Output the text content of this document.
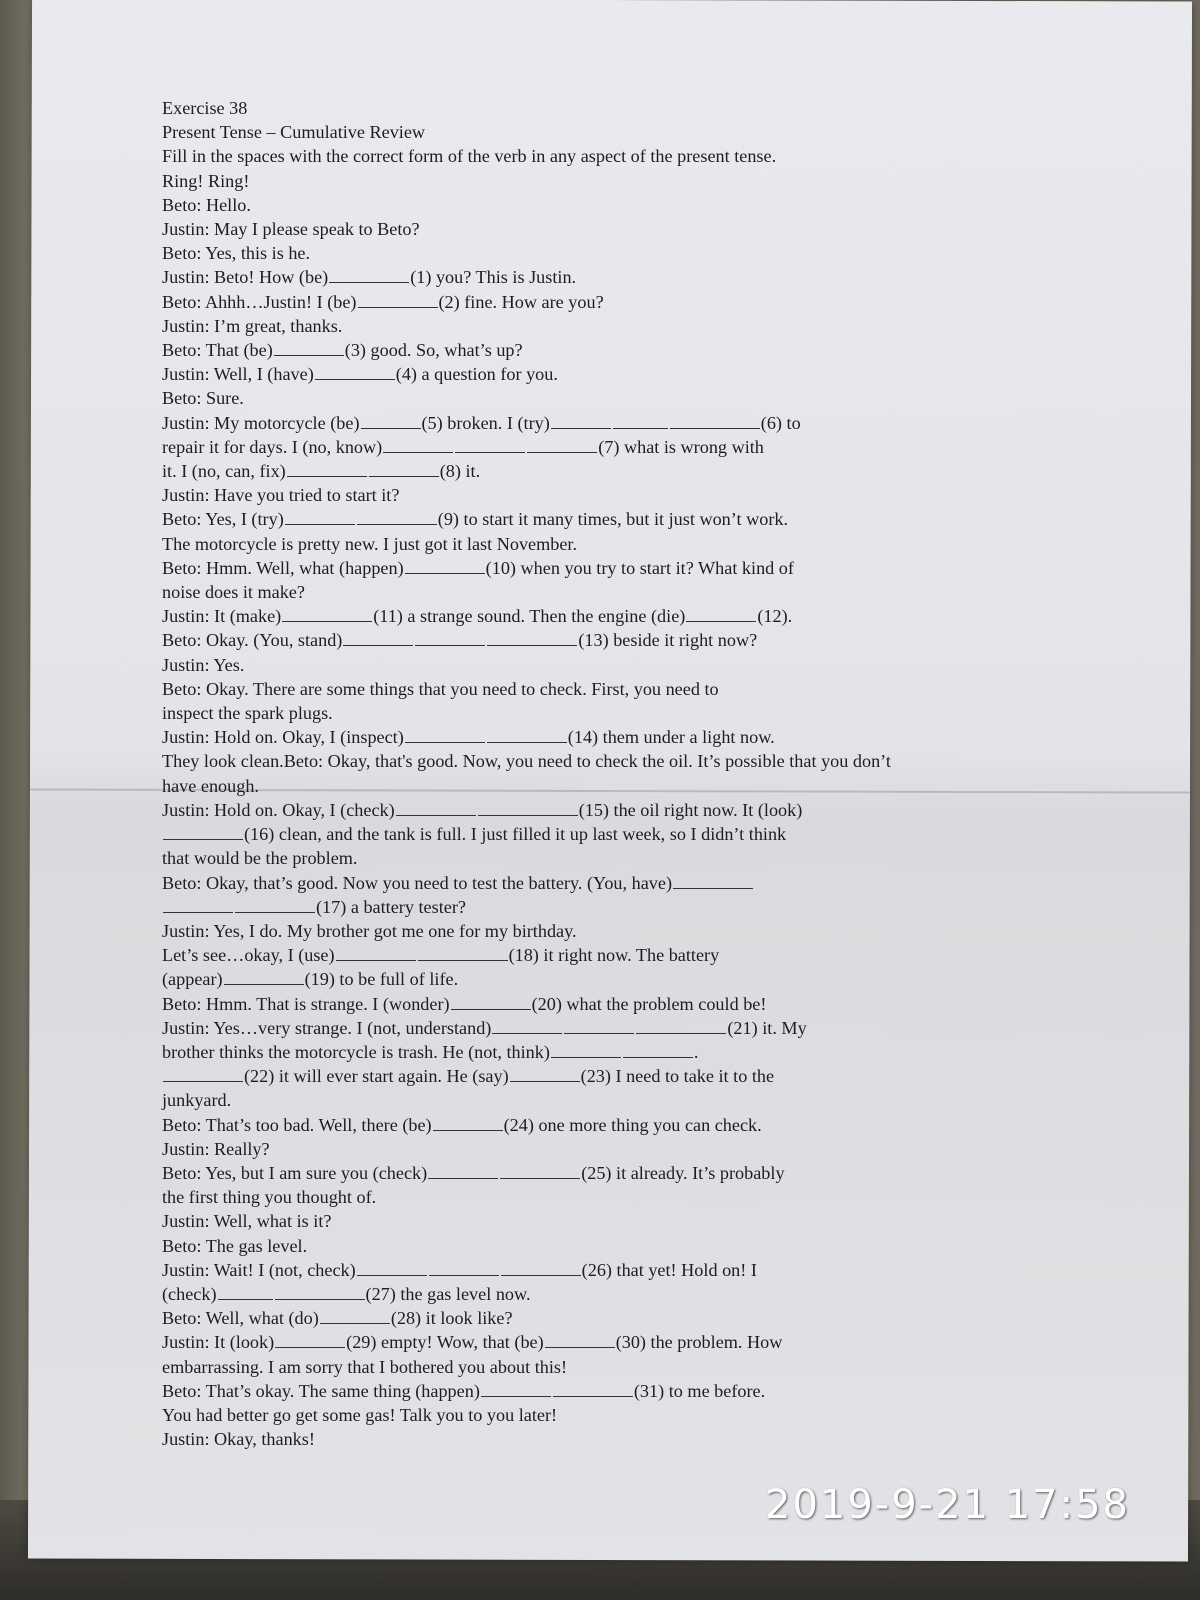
Exercise 38
Present Tense – Cumulative Review
Fill in the spaces with the correct form of the verb in any aspect of the present tense.
Ring! Ring!
Beto: Hello.
Justin: May I please speak to Beto?
Beto: Yes, this is he.
Justin: Beto! How (be)	(1) you? This is Justin.
Beto: Ahhh…Justin! I (be)	(2) fine. How are you?
Justin: I’m great, thanks.
Beto: That (be)	(3) good. So, what’s up?
Justin: Well, I (have)	(4) a question for you.
Beto: Sure.
Justin: My motorcycle (be)	(5) broken. I (try)	(6) to
repair it for days. I (no, know)	(7) what is wrong with
it. I (no, can, fix)	(8) it.
Justin: Have you tried to start it?
Beto: Yes, I (try)	(9) to start it many times, but it just won’t work.
The motorcycle is pretty new. I just got it last November.
Beto: Hmm. Well, what (happen)	(10) when you try to start it? What kind of
noise does it make?
Justin: It (make)	(11) a strange sound. Then the engine (die)	(12).
Beto: Okay. (You, stand)	(13) beside it right now?
Justin: Yes.
Beto: Okay. There are some things that you need to check. First, you need to
inspect the spark plugs.
Justin: Hold on. Okay, I (inspect)	(14) them under a light now.
They look clean.Beto: Okay, that's good. Now, you need to check the oil. It’s possible that you don’t
have enough.
Justin: Hold on. Okay, I (check)	(15) the oil right now. It (look)
(16) clean, and the tank is full. I just filled it up last week, so I didn’t think
that would be the problem.
Beto: Okay, that’s good. Now you need to test the battery. (You, have)
(17) a battery tester?
Justin: Yes, I do. My brother got me one for my birthday.
Let’s see…okay, I (use)	(18) it right now. The battery
(appear)	(19) to be full of life.
Beto: Hmm. That is strange. I (wonder)	(20) what the problem could be!
Justin: Yes…very strange. I (not, understand)	(21) it. My
brother thinks the motorcycle is trash. He (not, think)	.
(22) it will ever start again. He (say)	(23) I need to take it to the
junkyard.
Beto: That’s too bad. Well, there (be)	(24) one more thing you can check.
Justin: Really?
Beto: Yes, but I am sure you (check)	(25) it already. It’s probably
the first thing you thought of.
Justin: Well, what is it?
Beto: The gas level.
Justin: Wait! I (not, check)	(26) that yet! Hold on! I
(check)	(27) the gas level now.
Beto: Well, what (do)	(28) it look like?
Justin: It (look)	(29) empty! Wow, that (be)	(30) the problem. How
embarrassing. I am sorry that I bothered you about this!
Beto: That’s okay. The same thing (happen)	(31) to me before.
You had better go get some gas! Talk you to you later!
Justin: Okay, thanks!
2019-9-21 17:58
